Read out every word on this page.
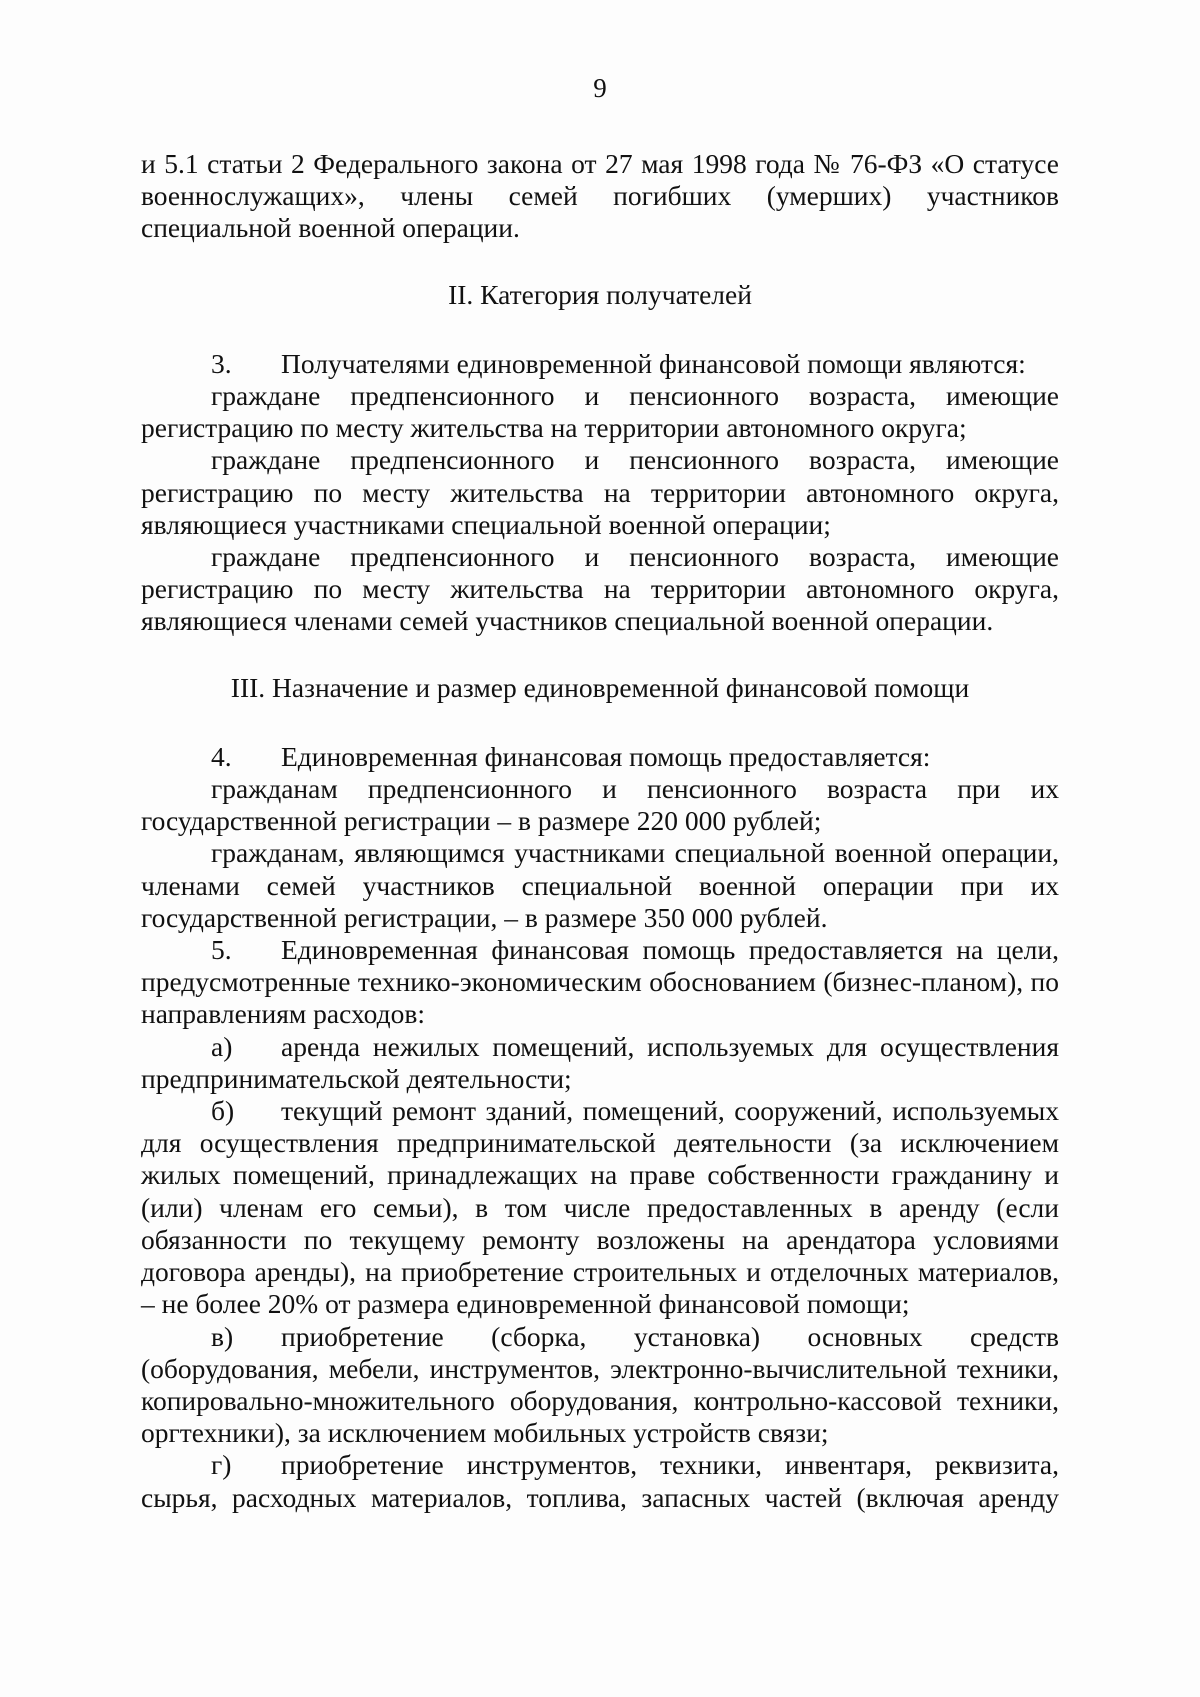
9

и 5.1 статьи 2 Федерального закона от 27 мая 1998 года № 76-ФЗ «О статусе

военнослужащих», члены семей погибших (умерших) участников

специальной военной операции.

II. Категория получателей

3. Получателями единовременной финансовой помощи являются:

граждане предпенсионного и пенсионного возраста, имеющие регистрацию по месту жительства на территории автономного округа;

граждане предпенсионного и пенсионного возраста, имеющие регистрацию по месту жительства на территории автономного округа, являющиеся участниками специальной военной операции;

граждане предпенсионного и пенсионного возраста, имеющие регистрацию по месту жительства на территории автономного округа, являющиеся членами семей участников специальной военной операции.

III. Назначение и размер единовременной финансовой помощи

4. Единовременная финансовая помощь предоставляется:

гражданам предпенсионного и пенсионного возраста при их государственной регистрации – в размере 220 000 рублей;

гражданам, являющимся участниками специальной военной операции, членами семей участников специальной военной операции при их государственной регистрации, – в размере 350 000 рублей.

5. Единовременная финансовая помощь предоставляется на цели, предусмотренные технико-экономическим обоснованием (бизнес-планом), по направлениям расходов:

а) аренда нежилых помещений, используемых для осуществления предпринимательской деятельности;

б) текущий ремонт зданий, помещений, сооружений, используемых для осуществления предпринимательской деятельности (за исключением жилых помещений, принадлежащих на праве собственности гражданину и (или) членам его семьи), в том числе предоставленных в аренду (если обязанности по текущему ремонту возложены на арендатора условиями договора аренды), на приобретение строительных и отделочных материалов, – не более 20% от размера единовременной финансовой помощи;

в) приобретение (сборка, установка) основных средств (оборудования, мебели, инструментов, электронно-вычислительной техники, копировально-множительного оборудования, контрольно-кассовой техники, оргтехники), за исключением мобильных устройств связи;

г) приобретение инструментов, техники, инвентаря, реквизита, сырья, расходных материалов, топлива, запасных частей (включая аренду
